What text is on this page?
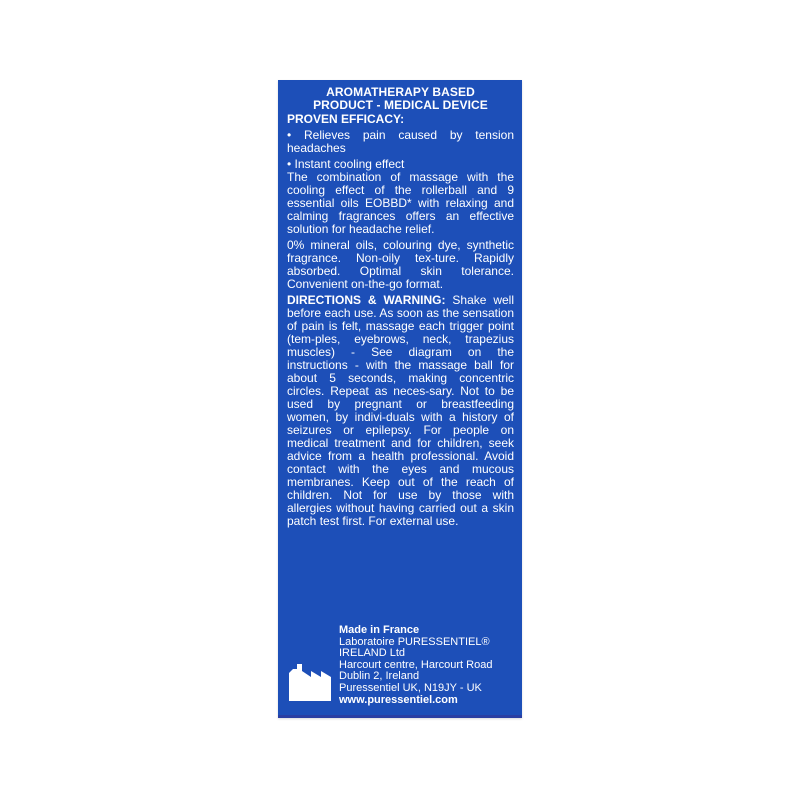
AROMATHERAPY BASED
PRODUCT - MEDICAL DEVICE
PROVEN EFFICACY:
• Relieves pain caused by tension headaches
• Instant cooling effect
The combination of massage with the cooling effect of the rollerball and 9 essential oils EOBBD* with relaxing and calming fragrances offers an effective solution for headache relief.
0% mineral oils, colouring dye, synthetic fragrance. Non-oily tex-ture. Rapidly absorbed. Optimal skin tolerance. Convenient on-the-go format.
DIRECTIONS & WARNING: Shake well before each use. As soon as the sensation of pain is felt, massage each trigger point (tem-ples, eyebrows, neck, trapezius muscles) - See diagram on the instructions - with the massage ball for about 5 seconds, making concentric circles. Repeat as neces-sary. Not to be used by pregnant or breastfeeding women, by indivi-duals with a history of seizures or epilepsy. For people on medical treatment and for children, seek advice from a health professional. Avoid contact with the eyes and mucous membranes. Keep out of the reach of children. Not for use by those with allergies without having carried out a skin patch test first. For external use.
Made in France
Laboratoire PURESSENTIEL®
IRELAND Ltd
Harcourt centre, Harcourt Road
Dublin 2, Ireland
Puressentiel UK, N19JY - UK
www.puressentiel.com
